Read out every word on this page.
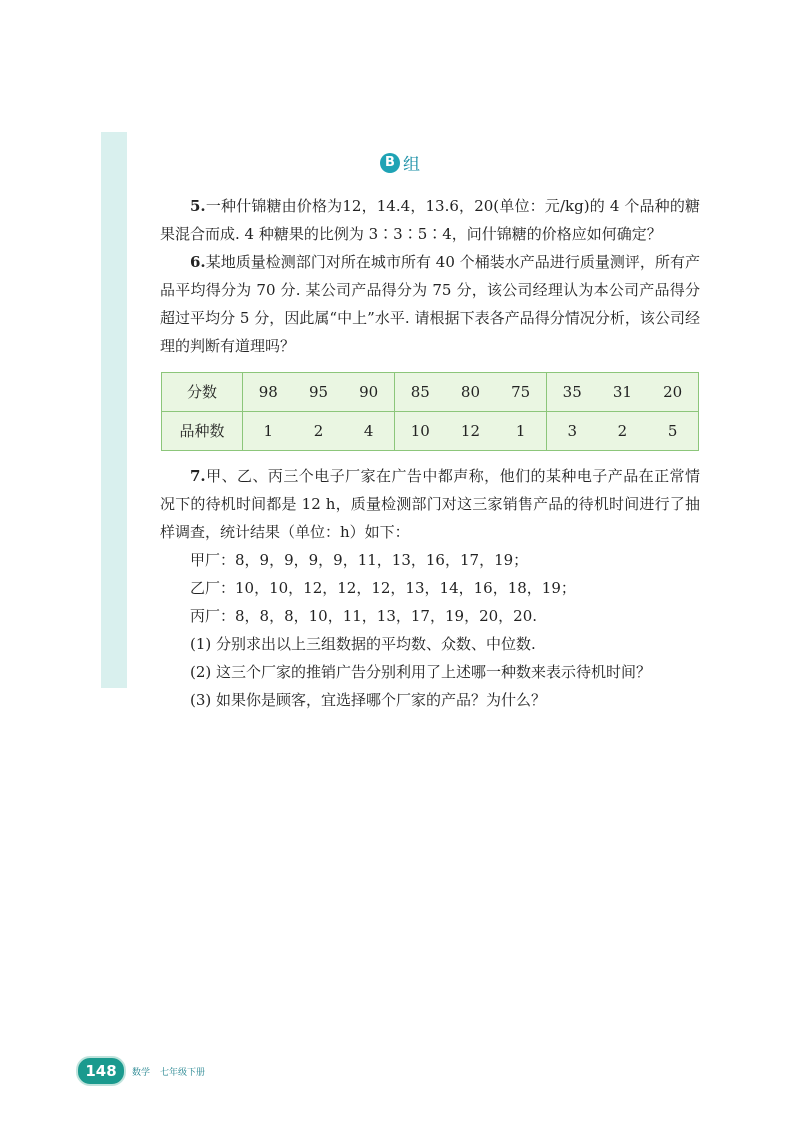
B 组

5.一种什锦糖由价格为12，14.4，13.6，20(单位：元/kg)的 4 个品种的糖果混合而成. 4 种糖果的比例为 3∶3∶5∶4，问什锦糖的价格应如何确定？

6.某地质量检测部门对所在城市所有 40 个桶装水产品进行质量测评，所有产品平均得分为 70 分. 某公司产品得分为 75 分，该公司经理认为本公司产品得分超过平均分 5 分，因此属“中上”水平. 请根据下表各产品得分情况分析，该公司经理的判断有道理吗？

分数	98	95	90	85	80	75	35	31	20
品种数	1	2	4	10	12	1	3	2	5

7.甲、乙、丙三个电子厂家在广告中都声称，他们的某种电子产品在正常情况下的待机时间都是 12 h，质量检测部门对这三家销售产品的待机时间进行了抽样调查，统计结果（单位：h）如下：

甲厂：8，9，9，9，9，11，13，16，17，19；

乙厂：10，10，12，12，12，13，14，16，18，19；

丙厂：8，8，8，10，11，13，17，19，20，20.

(1) 分别求出以上三组数据的平均数、众数、中位数.

(2) 这三个厂家的推销广告分别利用了上述哪一种数来表示待机时间？

(3) 如果你是顾客，宜选择哪个厂家的产品？为什么？

148	数学 七年级下册
